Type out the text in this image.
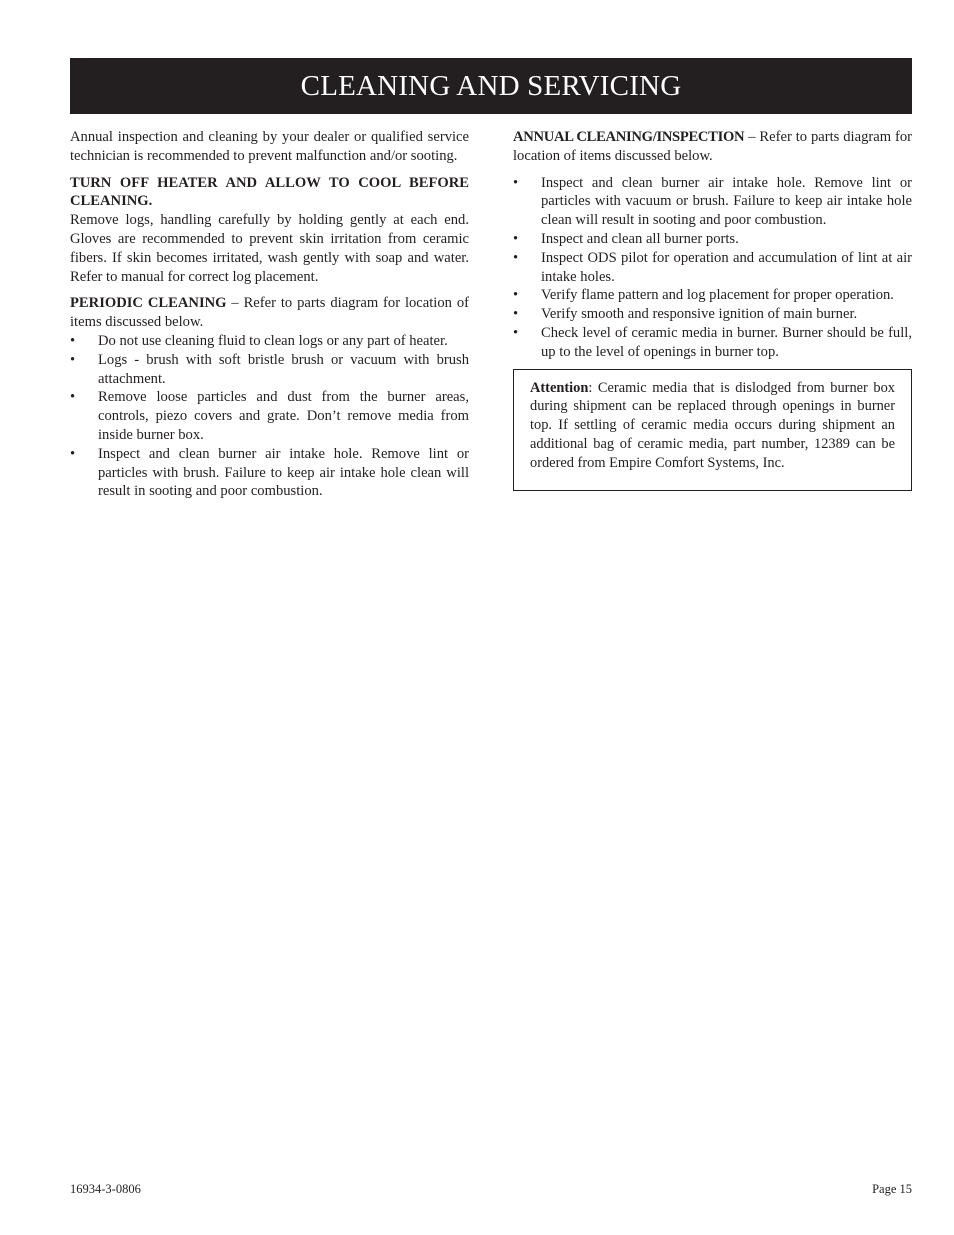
CLEANING AND SERVICING

Annual inspection and cleaning by your dealer or qualified service technician is recommended to prevent malfunction and/or sooting.

TURN OFF HEATER AND ALLOW TO COOL BEFORE CLEANING.

Remove logs, handling carefully by holding gently at each end. Gloves are recommended to prevent skin irritation from ceramic fibers. If skin becomes irritated, wash gently with soap and water. Refer to manual for correct log placement.

PERIODIC CLEANING – Refer to parts diagram for location of items discussed below.

• Do not use cleaning fluid to clean logs or any part of heater.
• Logs - brush with soft bristle brush or vacuum with brush attachment.
• Remove loose particles and dust from the burner areas, controls, piezo covers and grate. Don’t remove media from inside burner box.
• Inspect and clean burner air intake hole. Remove lint or particles with brush. Failure to keep air intake hole clean will result in sooting and poor combustion.

ANNUAL CLEANING/INSPECTION – Refer to parts diagram for location of items discussed below.

• Inspect and clean burner air intake hole. Remove lint or particles with vacuum or brush. Failure to keep air intake hole clean will result in sooting and poor combustion.
• Inspect and clean all burner ports.
• Inspect ODS pilot for operation and accumulation of lint at air intake holes.
• Verify flame pattern and log placement for proper operation.
• Verify smooth and responsive ignition of main burner.
• Check level of ceramic media in burner. Burner should be full, up to the level of openings in burner top.

Attention: Ceramic media that is dislodged from burner box during shipment can be replaced through openings in burner top. If settling of ceramic media occurs during shipment an additional bag of ceramic media, part number, 12389 can be ordered from Empire Comfort Systems, Inc.

16934-3-0806	Page 15
